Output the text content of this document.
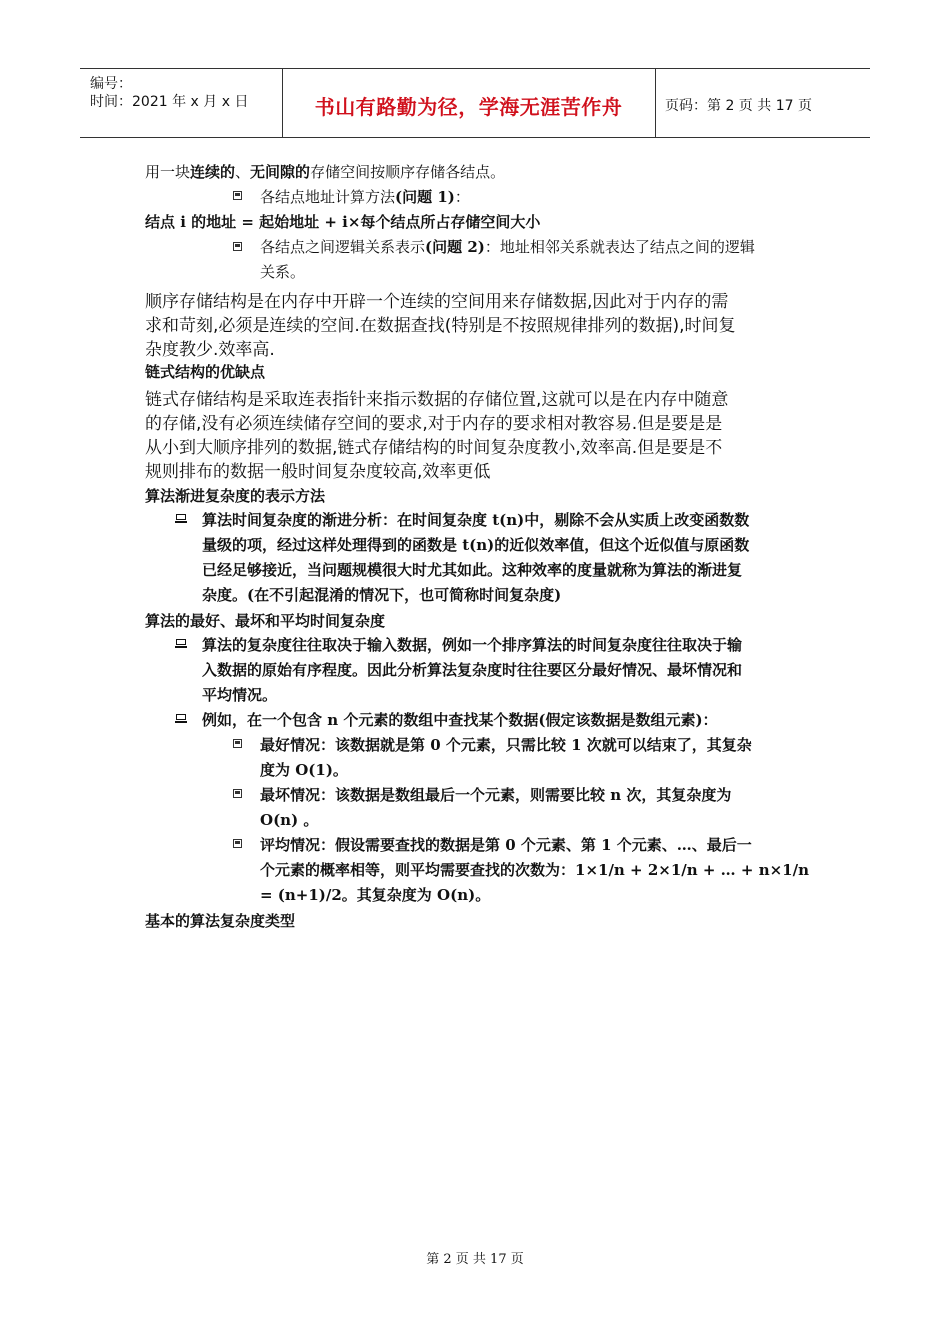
编号：
时间：2021 年 x 月 x 日	书山有路勤为径，学海无涯苦作舟	页码：第 2 页 共 17 页
用一块连续的、无间隙的存储空间按顺序存储各结点。
各结点地址计算方法(问题 1)：
结点 i 的地址 = 起始地址 + i×每个结点所占存储空间大小
各结点之间逻辑关系表示(问题 2)：地址相邻关系就表达了结点之间的逻辑
关系。
顺序存储结构是在内存中开辟一个连续的空间用来存储数据,因此对于内存的需
求和苛刻,必须是连续的空间.在数据查找(特别是不按照规律排列的数据),时间复
杂度教少.效率高.
链式结构的优缺点
链式存储结构是采取连表指针来指示数据的存储位置,这就可以是在内存中随意
的存储,没有必须连续储存空间的要求,对于内存的要求相对教容易.但是要是是
从小到大顺序排列的数据,链式存储结构的时间复杂度教小,效率高.但是要是不
规则排布的数据一般时间复杂度较高,效率更低
算法渐进复杂度的表示方法
算法时间复杂度的渐进分析：在时间复杂度 t(n)中，剔除不会从实质上改变函数数
量级的项，经过这样处理得到的函数是 t(n)的近似效率值，但这个近似值与原函数
已经足够接近，当问题规模很大时尤其如此。这种效率的度量就称为算法的渐进复
杂度。(在不引起混淆的情况下，也可简称时间复杂度)
算法的最好、最坏和平均时间复杂度
算法的复杂度往往取决于输入数据，例如一个排序算法的时间复杂度往往取决于输
入数据的原始有序程度。因此分析算法复杂度时往往要区分最好情况、最坏情况和
平均情况。
例如，在一个包含 n 个元素的数组中查找某个数据(假定该数据是数组元素)：
最好情况：该数据就是第 0 个元素，只需比较 1 次就可以结束了，其复杂
度为 O(1)。
最坏情况：该数据是数组最后一个元素，则需要比较 n 次，其复杂度为
O(n) 。
评均情况：假设需要查找的数据是第 0 个元素、第 1 个元素、…、最后一
个元素的概率相等，则平均需要查找的次数为：1×1/n + 2×1/n + … + n×1/n
= (n+1)/2。其复杂度为 O(n)。
基本的算法复杂度类型
第 2 页 共 17 页
